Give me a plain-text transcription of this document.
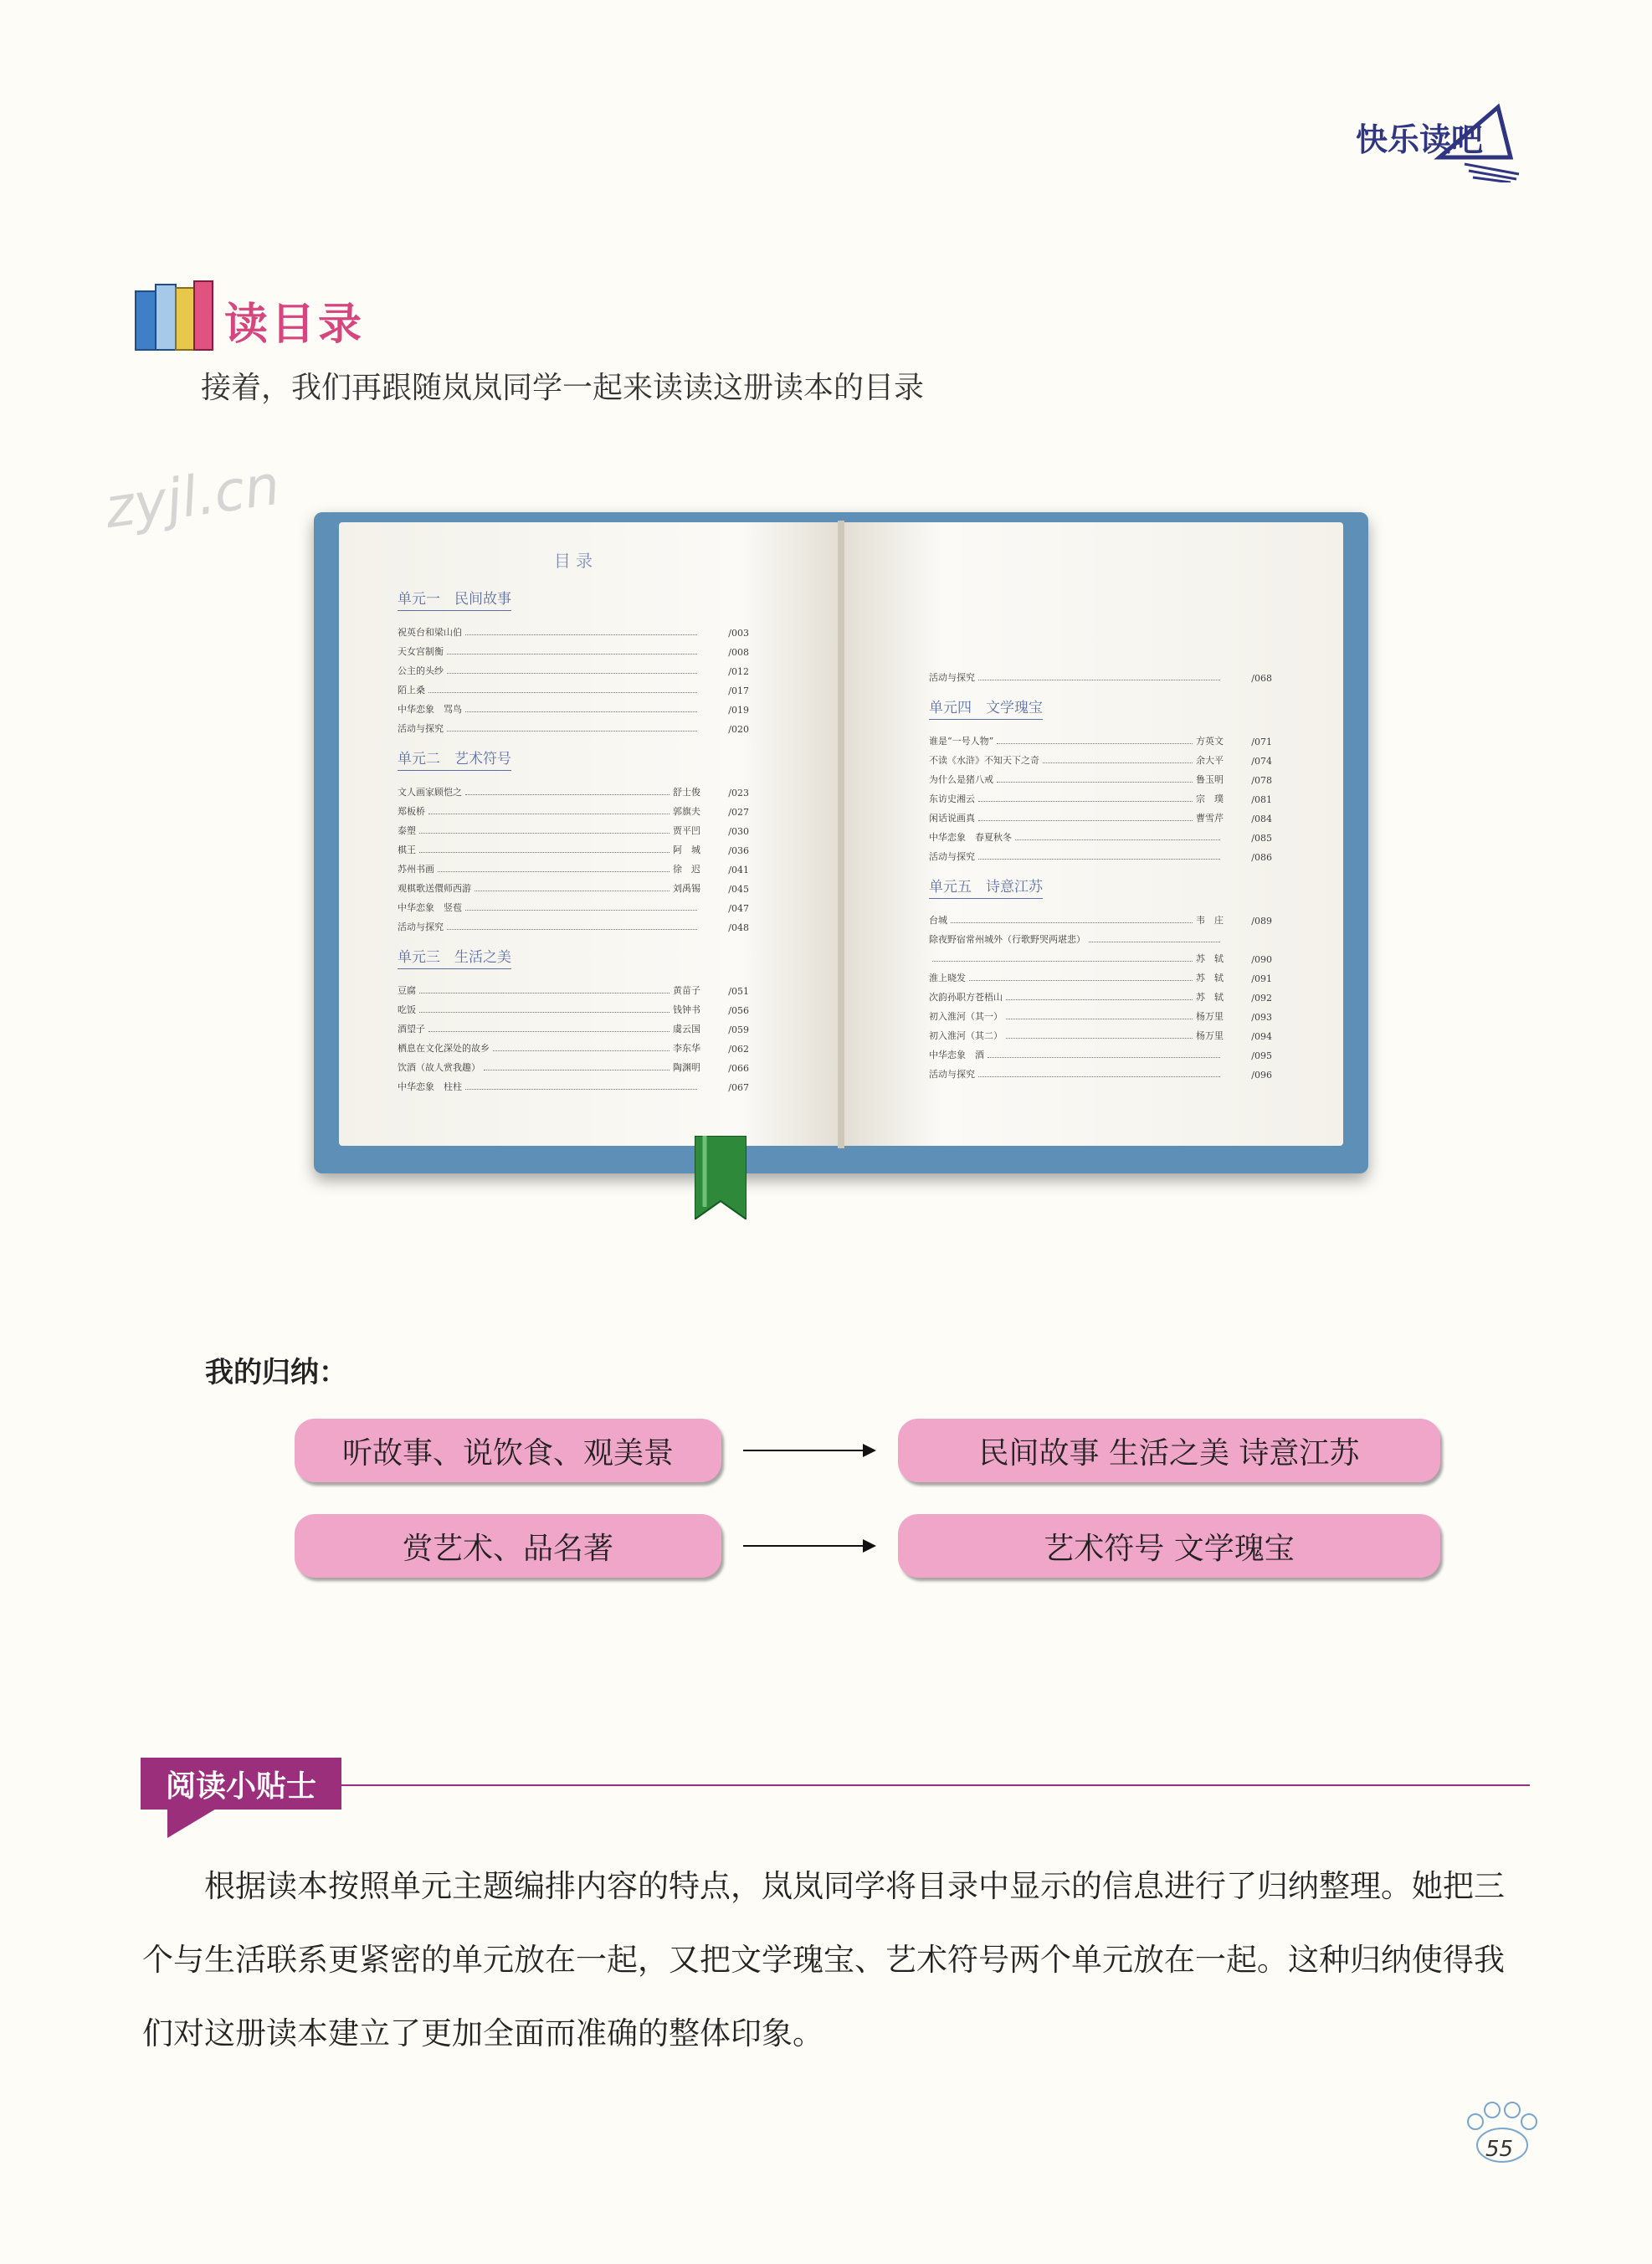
快乐读吧
读目录
接着，我们再跟随岚岚同学一起来读读这册读本的目录
zyjl.cn
目 录
单元一　民间故事
祝英台和梁山伯	/003
天女宫制衡	/008
公主的头纱	/012
陌上桑	/017
中华恋象　骂鸟	/019
活动与探究	/020
单元二　艺术符号
文人画家顾恺之	舒士俊	/023
郑板桥	郭旗夫	/027
泰塑	贾平凹	/030
棋王	阿　城	/036
苏州书画	徐　迟	/041
观棋歌送儇师西游	刘禹锡	/045
中华恋象　竖苞	/047
活动与探究	/048
单元三　生活之美
豆腐	黄苗子	/051
吃饭	钱钟书	/056
酒望子	虞云国	/059
栖息在文化深处的故乡	李东华	/062
饮酒（故人赏我趣）	陶渊明	/066
中华恋象　柱柱	/067
活动与探究	/068
单元四　文学瑰宝
谁是“一号人物”	方英文	/071
不读《水浒》不知天下之奇	余大平	/074
为什么是猪八戒	鲁玉明	/078
东访史湘云	宗　璞	/081
闲话说画真	曹雪芹	/084
中华恋象　春夏秋冬	/085
活动与探究	/086
单元五　诗意江苏
台城	韦　庄	/089
除夜野宿常州城外（行歌野哭两堪悲）
苏　轼	/090
淮上晓发	苏　轼	/091
次韵孙职方苍梧山	苏　轼	/092
初入淮河（其一）	杨万里	/093
初入淮河（其二）	杨万里	/094
中华恋象　酒	/095
活动与探究	/096
我的归纳：
听故事、说饮食、观美景	民间故事 生活之美 诗意江苏
赏艺术、品名著	艺术符号 文学瑰宝
阅读小贴士

　　根据读本按照单元主题编排内容的特点，岚岚同学将目录中显示的信息进行了归纳整理。她把三个与生活联系更紧密的单元放在一起，又把文学瑰宝、艺术符号两个单元放在一起。这种归纳使得我们对这册读本建立了更加全面而准确的整体印象。

55
